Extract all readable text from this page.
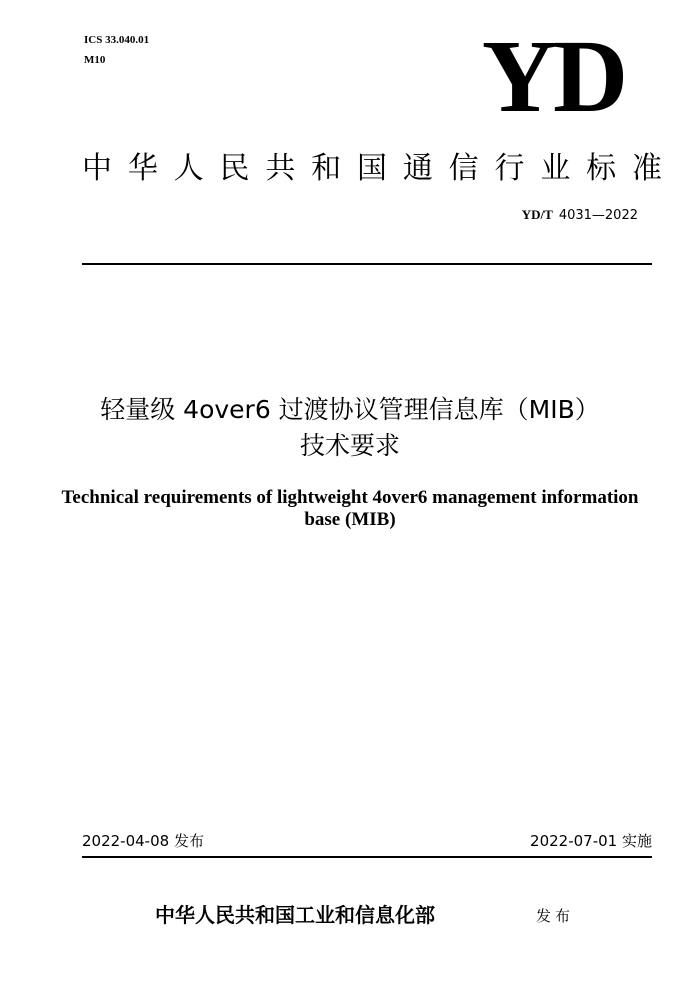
ICS 33.040.01
M10	YD
中华人民共和国通信行业标准
YD/T 4031—2022
轻量级 4over6 过渡协议管理信息库（MIB）
技术要求
Technical requirements of lightweight 4over6 management information
base (MIB)
2022-04-08 发布	2022-07-01 实施
中华人民共和国工业和信息化部	发布
